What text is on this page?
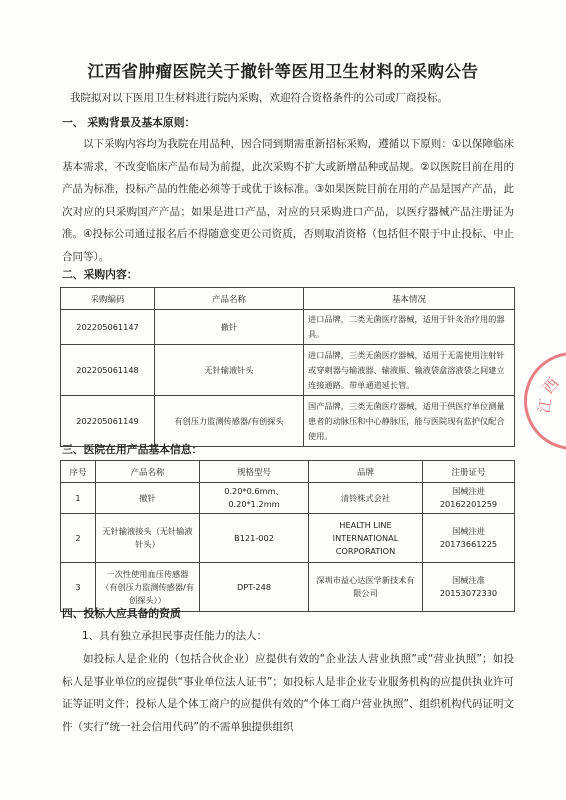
江西省肿瘤医院关于撤针等医用卫生材料的采购公告
我院拟对以下医用卫生材料进行院内采购，欢迎符合资格条件的公司或厂商投标。
一、 采购背景及基本原则：

以下采购内容均为我院在用品种，因合同到期需重新招标采购，遵循以下原则：①以保障临床基本需求，不改变临床产品布局为前提，此次采购不扩大或新增品种或品规。②以医院目前在用的产品为标准，投标产品的性能必须等于或优于该标准。③如果医院目前在用的产品是国产产品，此次对应的只采购国产产品；如果是进口产品，对应的只采购进口产品，以医疗器械产品注册证为准。④投标公司通过报名后不得随意变更公司资质，否则取消资格（包括但不限于中止投标、中止合同等）。

二、采购内容：
采购编码	产品名称	基本情况
202205061147	撤针	进口品牌，二类无菌医疗器械，适用于针灸治疗用的器具。
202205061148	无针输液针头	进口品牌，三类无菌医疗器械，适用于无需使用注射针或穿刺器与输液器、输液瓶、输液袋盒溶液袋之间建立连接通路。带单通道延长管。
202205061149	有创压力监测传感器/有创探头	国产品牌，三类无菌医疗器械，适用于供医疗单位测量患者的动脉压和中心静脉压，能与医院现有监护仪配合使用。
三、医院在用产品基本信息：
序号	产品名称	规格型号	品牌	注册证号
1	撤针	0.20*0.6mm、0.20*1.2mm	清铃株式会社	国械注进 20162201259
2	无针输液接头（无针输液针头）	B121-002	HEALTH LINE INTERNATIONAL CORPORATION	国械注进 20173661225
3	一次性使用血压传感器（有创压力监测传感器/有创探头））	DPT-248	深圳市益心达医学新技术有限公司	国械注准 20153072330
四、投标人应具备的资质
1、具有独立承担民事责任能力的法人：

如投标人是企业的（包括合伙企业）应提供有效的“企业法人营业执照”或“营业执照”；如投标人是事业单位的应提供“事业单位法人证书”；如投标人是非企业专业服务机构的应提供执业许可证等证明文件；投标人是个体工商户的应提供有效的“个体工商户营业执照”、组织机构代码证明文件（实行“统一社会信用代码”的不需单独提供组织

西
江
